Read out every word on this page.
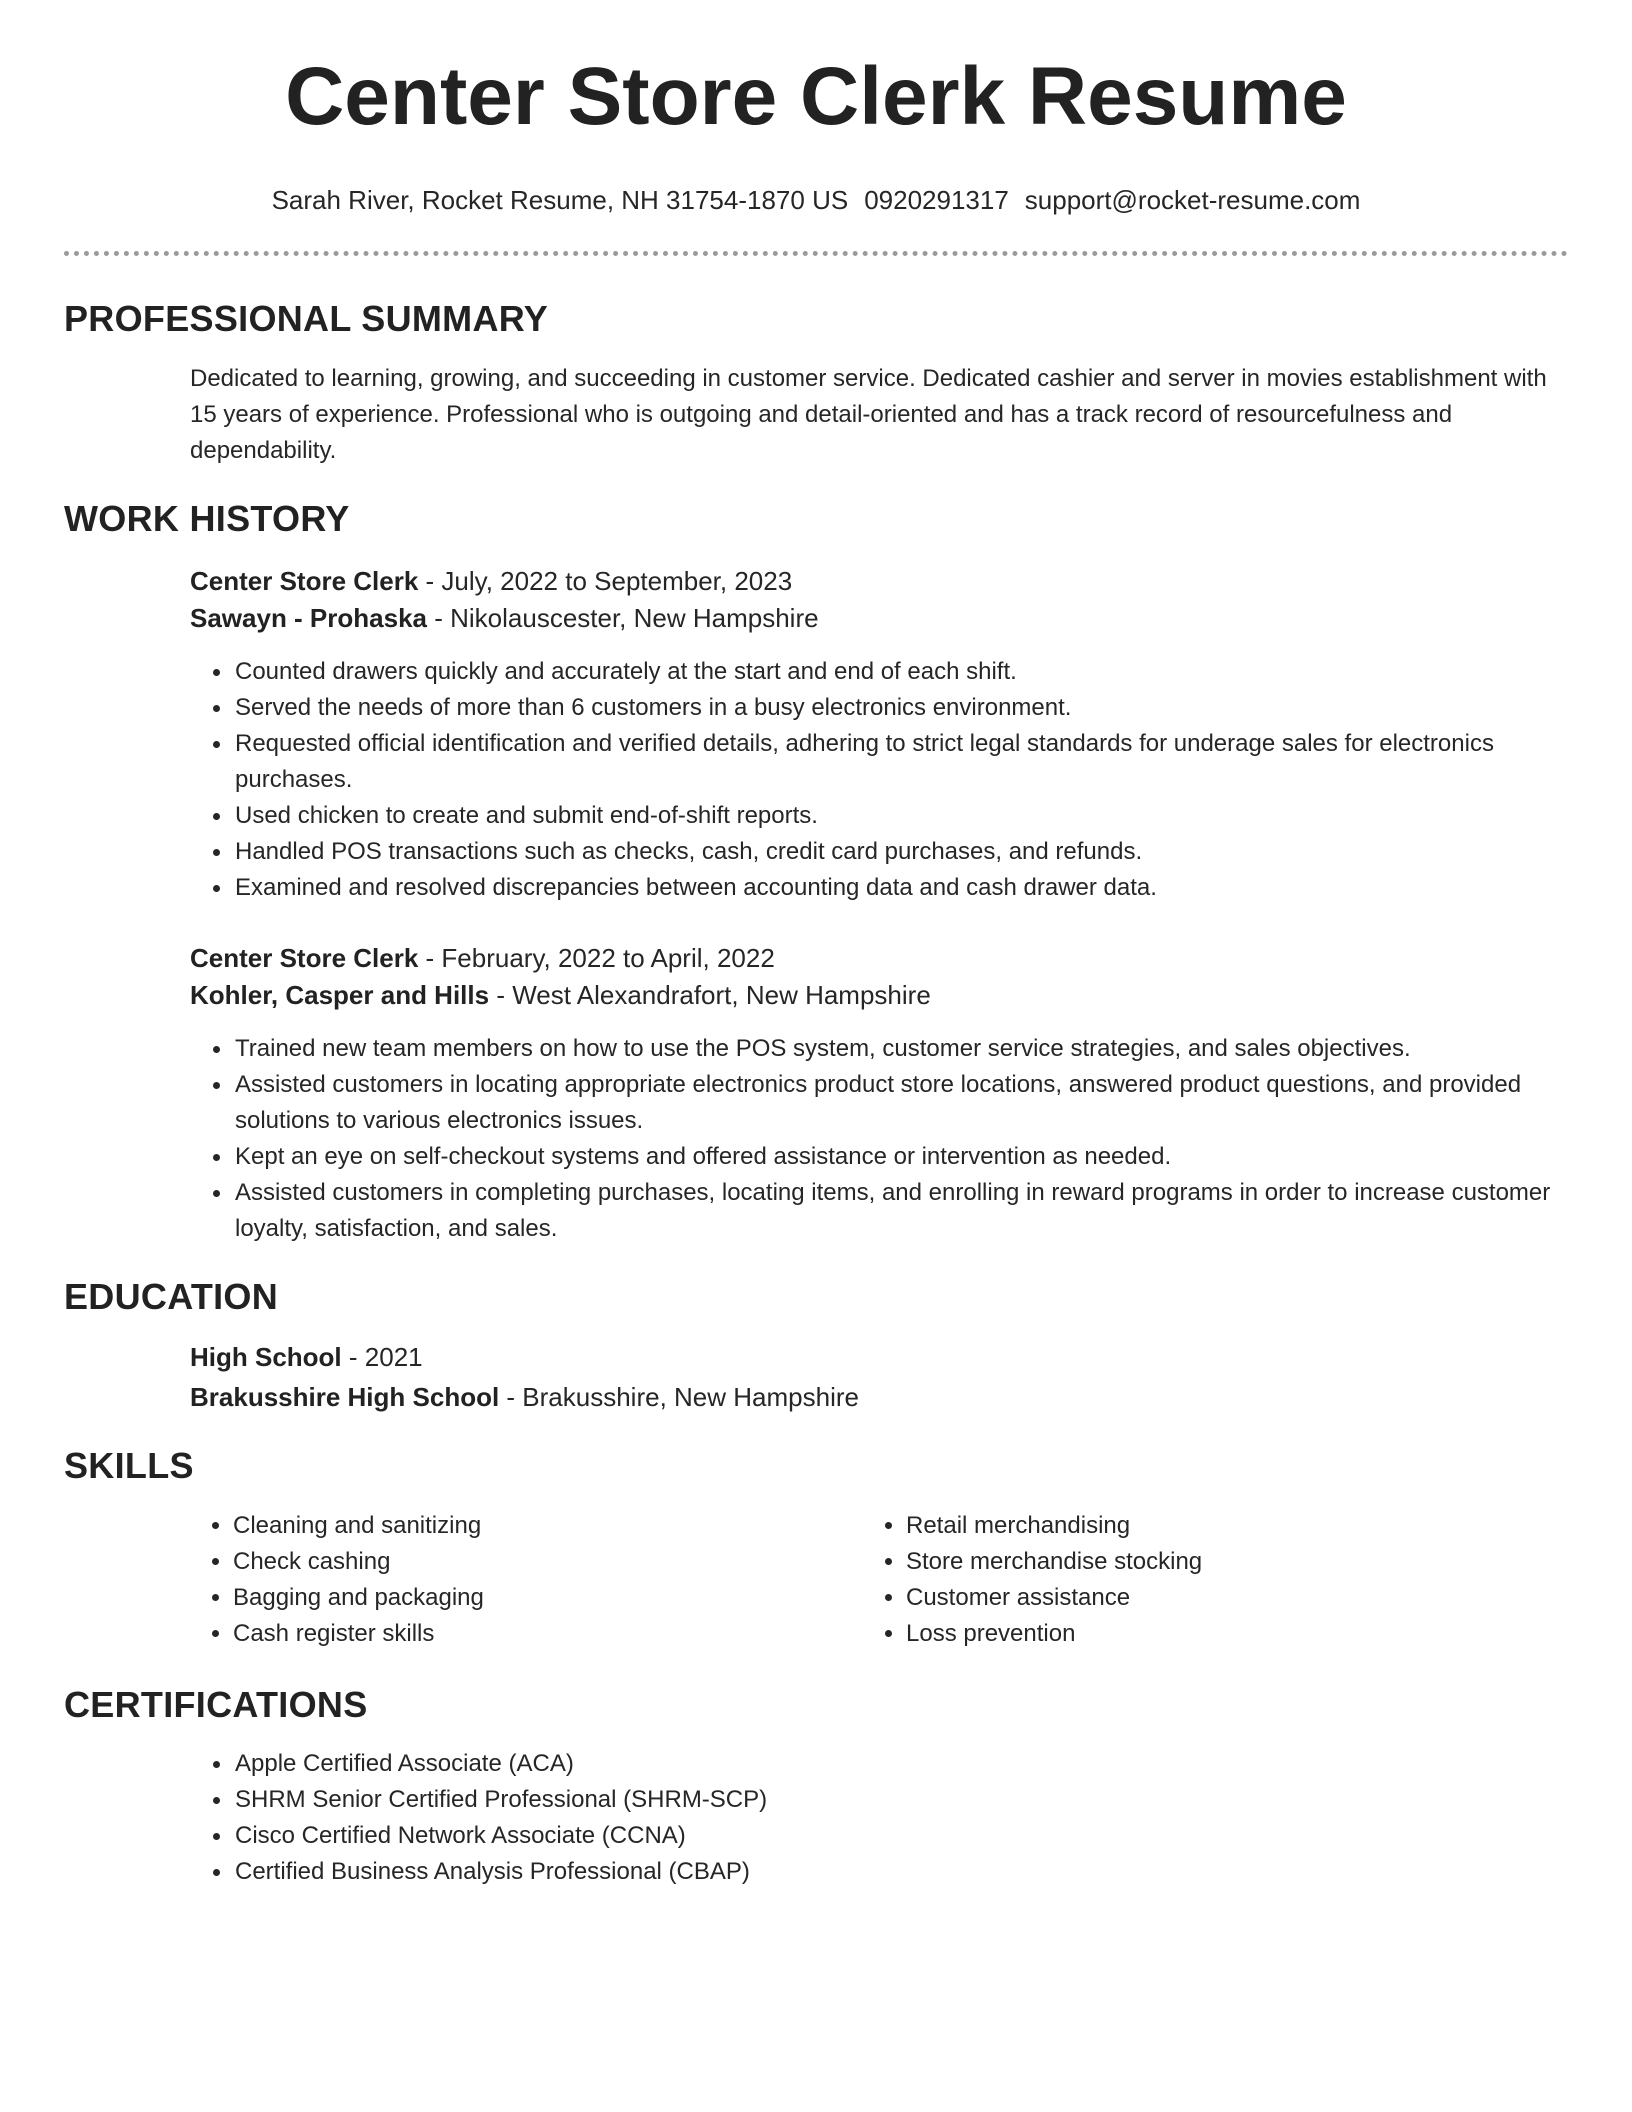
Center Store Clerk Resume
Sarah River, Rocket Resume, NH 31754-1870 US 0920291317 support@rocket-resume.com
PROFESSIONAL SUMMARY

Dedicated to learning, growing, and succeeding in customer service. Dedicated cashier and server in movies establishment with 15 years of experience. Professional who is outgoing and detail-oriented and has a track record of resourcefulness and dependability.

WORK HISTORY
Center Store Clerk - July, 2022 to September, 2023
Sawayn - Prohaska - Nikolauscester, New Hampshire
• Counted drawers quickly and accurately at the start and end of each shift.
• Served the needs of more than 6 customers in a busy electronics environment.
• Requested official identification and verified details, adhering to strict legal standards for underage sales for electronics purchases.
• Used chicken to create and submit end-of-shift reports.
• Handled POS transactions such as checks, cash, credit card purchases, and refunds.
• Examined and resolved discrepancies between accounting data and cash drawer data.
Center Store Clerk - February, 2022 to April, 2022
Kohler, Casper and Hills - West Alexandrafort, New Hampshire
• Trained new team members on how to use the POS system, customer service strategies, and sales objectives.
• Assisted customers in locating appropriate electronics product store locations, answered product questions, and provided solutions to various electronics issues.
• Kept an eye on self-checkout systems and offered assistance or intervention as needed.
• Assisted customers in completing purchases, locating items, and enrolling in reward programs in order to increase customer loyalty, satisfaction, and sales.
EDUCATION
High School - 2021
Brakusshire High School - Brakusshire, New Hampshire
SKILLS
• Cleaning and sanitizing
• Check cashing
• Bagging and packaging
• Cash register skills
• Retail merchandising
• Store merchandise stocking
• Customer assistance
• Loss prevention
CERTIFICATIONS
• Apple Certified Associate (ACA)
• SHRM Senior Certified Professional (SHRM-SCP)
• Cisco Certified Network Associate (CCNA)
• Certified Business Analysis Professional (CBAP)
